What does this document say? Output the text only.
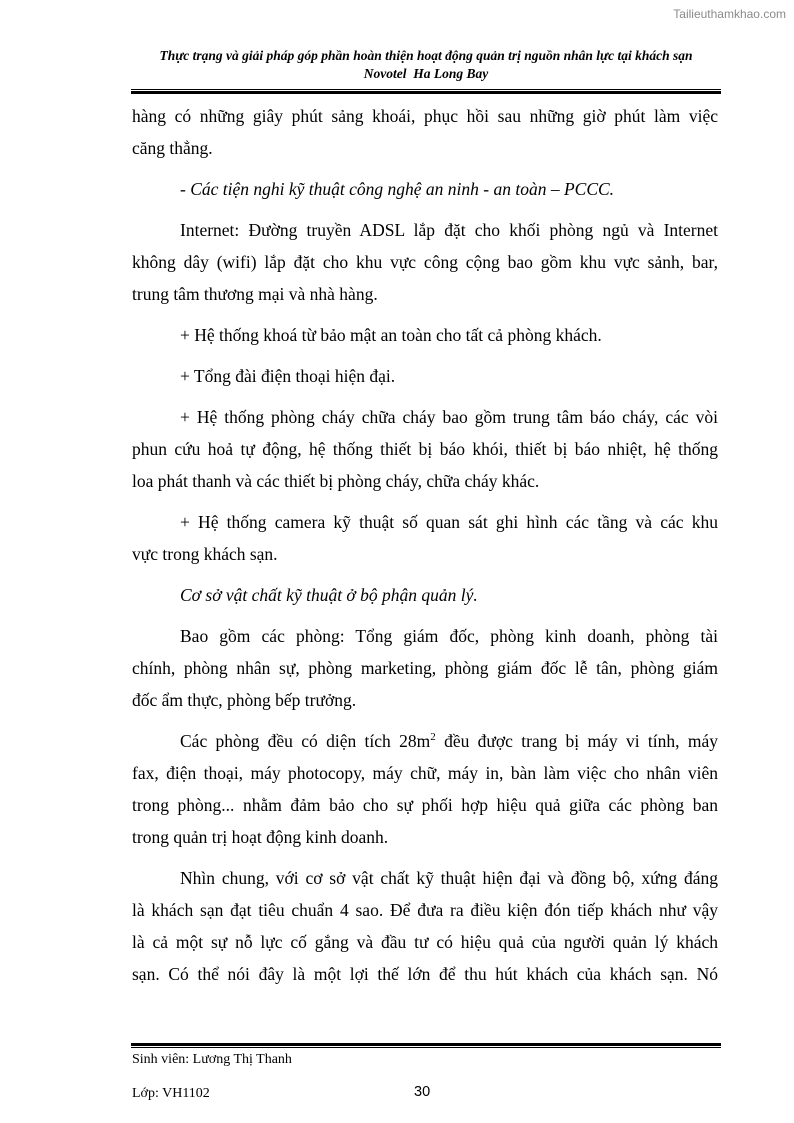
Tailieuthamkhao.com
Thực trạng và giải pháp góp phần hoàn thiện hoạt động quản trị nguồn nhân lực tại khách sạn
Novotel  Ha Long Bay

hàng có những giây phút sảng khoái, phục hồi sau những giờ phút làm việc
căng thẳng.

- Các tiện nghi kỹ thuật công nghệ an ninh - an toàn – PCCC.

Internet: Đường truyền ADSL lắp đặt cho khối phòng ngủ và Internet
không dây (wifi) lắp đặt cho khu vực công cộng bao gồm khu vực sảnh, bar,
trung tâm thương mại và nhà hàng.

+ Hệ thống khoá từ bảo mật an toàn cho tất cả phòng khách.

+ Tổng đài điện thoại hiện đại.

+ Hệ thống phòng cháy chữa cháy bao gồm trung tâm báo cháy, các vòi
phun cứu hoả tự động, hệ thống thiết bị báo khói, thiết bị báo nhiệt, hệ thống
loa phát thanh và các thiết bị phòng cháy, chữa cháy khác.

+ Hệ thống camera kỹ thuật số quan sát ghi hình các tầng và các khu
vực trong khách sạn.

Cơ sở vật chất kỹ thuật ở bộ phận quản lý.

Bao gồm các phòng: Tổng giám đốc, phòng kinh doanh, phòng tài
chính, phòng nhân sự, phòng marketing, phòng giám đốc lễ tân, phòng giám
đốc ẩm thực, phòng bếp trưởng.

Các phòng đều có diện tích $28m^2$ đều được trang bị máy vi tính, máy
fax, điện thoại, máy photocopy, máy chữ, máy in, bàn làm việc cho nhân viên
trong phòng... nhằm đảm bảo cho sự phối hợp hiệu quả giữa các phòng ban
trong quản trị hoạt động kinh doanh.

Nhìn chung, với cơ sở vật chất kỹ thuật hiện đại và đồng bộ, xứng đáng
là khách sạn đạt tiêu chuẩn 4 sao. Để đưa ra điều kiện đón tiếp khách như vậy
là cả một sự nỗ lực cố gắng và đầu tư có hiệu quả của người quản lý khách
sạn. Có thể nói đây là một lợi thế lớn để thu hút khách của khách sạn. Nó

Sinh viên: Lương Thị Thanh
Lớp: VH1102	30
